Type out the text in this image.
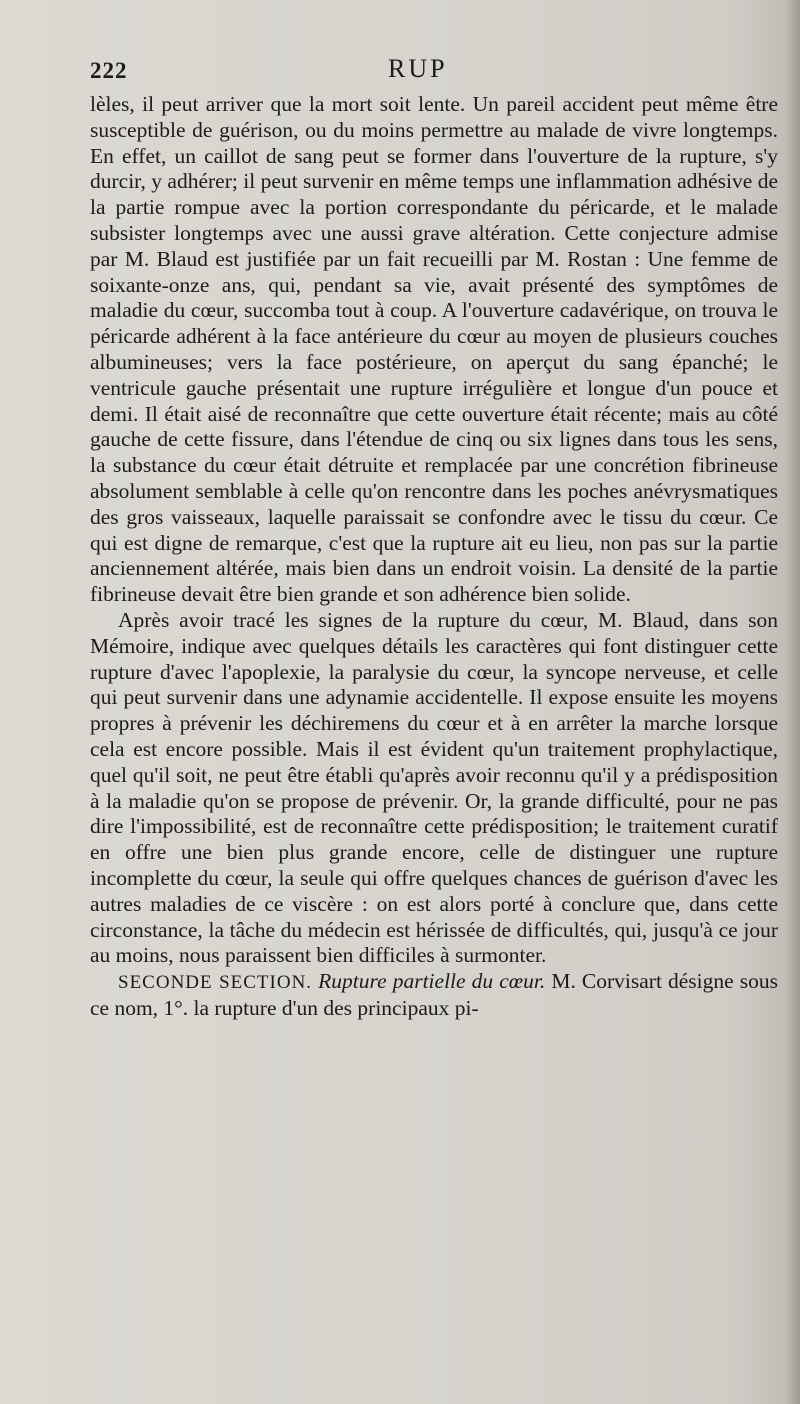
222	RUP

lèles, il peut arriver que la mort soit lente. Un pareil accident peut même être susceptible de guérison, ou du moins permettre au malade de vivre longtemps. En effet, un caillot de sang peut se former dans l'ouverture de la rupture, s'y durcir, y adhérer; il peut survenir en même temps une inflammation adhésive de la partie rompue avec la portion correspondante du péricarde, et le malade subsister longtemps avec une aussi grave altération. Cette conjecture admise par M. Blaud est justifiée par un fait recueilli par M. Rostan : Une femme de soixante-onze ans, qui, pendant sa vie, avait présenté des symptômes de maladie du cœur, succomba tout à coup. A l'ouverture cadavérique, on trouva le péricarde adhérent à la face antérieure du cœur au moyen de plusieurs couches albumineuses; vers la face postérieure, on aperçut du sang épanché; le ventricule gauche présentait une rupture irrégulière et longue d'un pouce et demi. Il était aisé de reconnaître que cette ouverture était récente; mais au côté gauche de cette fissure, dans l'étendue de cinq ou six lignes dans tous les sens, la substance du cœur était détruite et remplacée par une concrétion fibrineuse absolument semblable à celle qu'on rencontre dans les poches anévrysmatiques des gros vaisseaux, laquelle paraissait se confondre avec le tissu du cœur. Ce qui est digne de remarque, c'est que la rupture ait eu lieu, non pas sur la partie anciennement altérée, mais bien dans un endroit voisin. La densité de la partie fibrineuse devait être bien grande et son adhérence bien solide.

Après avoir tracé les signes de la rupture du cœur, M. Blaud, dans son Mémoire, indique avec quelques détails les caractères qui font distinguer cette rupture d'avec l'apoplexie, la paralysie du cœur, la syncope nerveuse, et celle qui peut survenir dans une adynamie accidentelle. Il expose ensuite les moyens propres à prévenir les déchiremens du cœur et à en arrêter la marche lorsque cela est encore possible. Mais il est évident qu'un traitement prophylactique, quel qu'il soit, ne peut être établi qu'après avoir reconnu qu'il y a prédisposition à la maladie qu'on se propose de prévenir. Or, la grande difficulté, pour ne pas dire l'impossibilité, est de reconnaître cette prédisposition; le traitement curatif en offre une bien plus grande encore, celle de distinguer une rupture incomplette du cœur, la seule qui offre quelques chances de guérison d'avec les autres maladies de ce viscère : on est alors porté à conclure que, dans cette circonstance, la tâche du médecin est hérissée de difficultés, qui, jusqu'à ce jour au moins, nous paraissent bien difficiles à surmonter.

SECONDE SECTION. Rupture partielle du cœur. M. Corvisart désigne sous ce nom, 1°. la rupture d'un des principaux pi-
